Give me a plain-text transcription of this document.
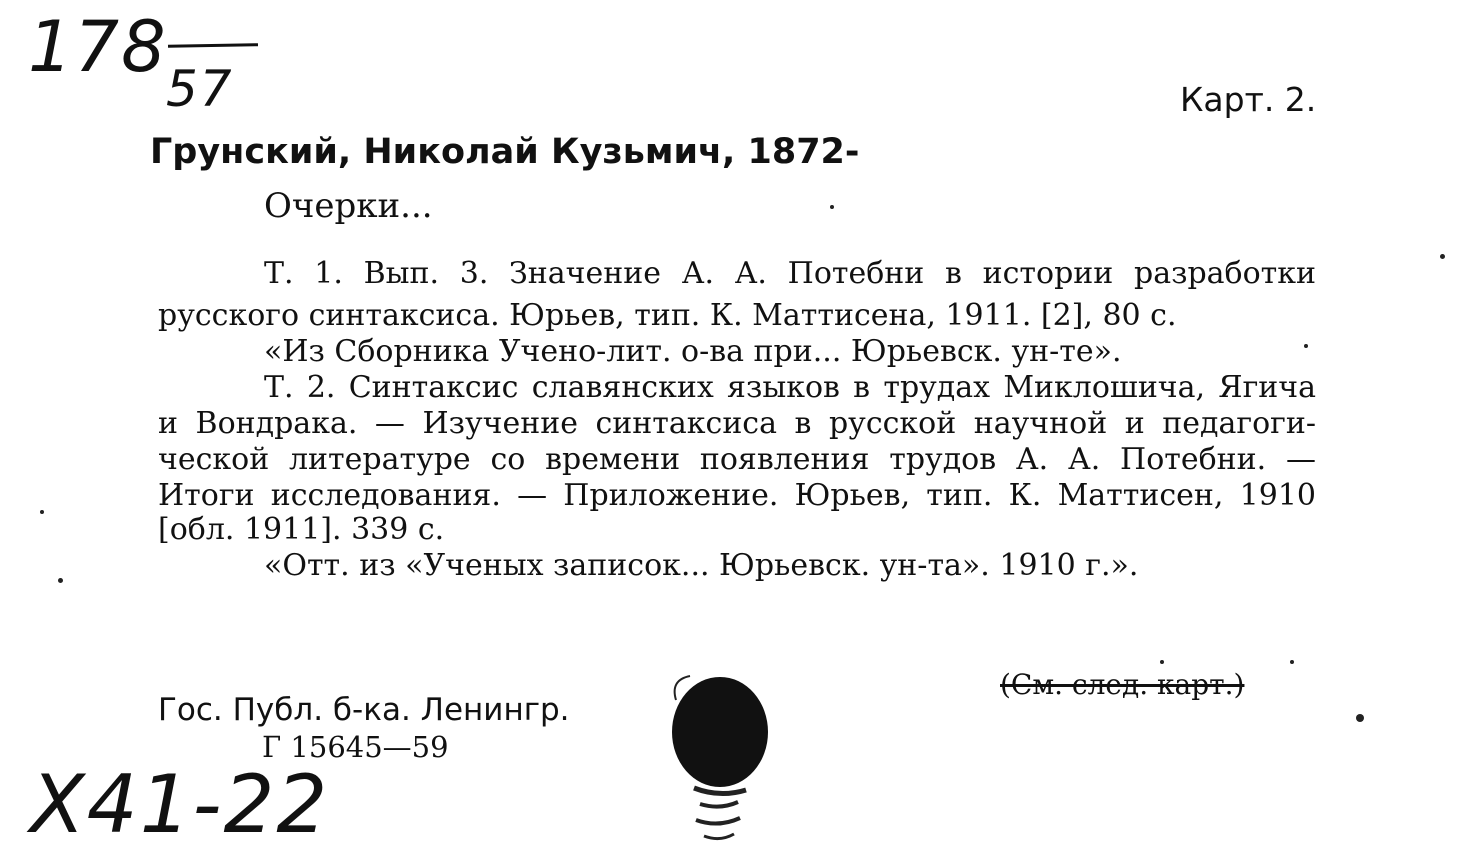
178
57	Карт. 2.
Грунский, Николай Кузьмич, 1872-
Очерки...
Т. 1. Вып. 3. Значение А. А. Потебни в истории разработки
русского синтаксиса. Юрьев, тип. К. Маттисена, 1911. [2], 80 с.
«Из Сборника Учено-лит. о-ва при... Юрьевск. ун-те».
Т. 2. Синтаксис славянских языков в трудах Миклошича, Ягича
и Вондрака. — Изучение синтаксиса в русской научной и педагоги-
ческой литературе со времени появления трудов А. А. Потебни. —
Итоги исследования. — Приложение. Юрьев, тип. К. Маттисен, 1910
[обл. 1911]. 339 с.
«Отт. из «Ученых записок... Юрьевск. ун-та». 1910 г.».
(См. след. карт.)
Гос. Публ. б-ка. Ленингр.
Г 15645—59
Х41-22
